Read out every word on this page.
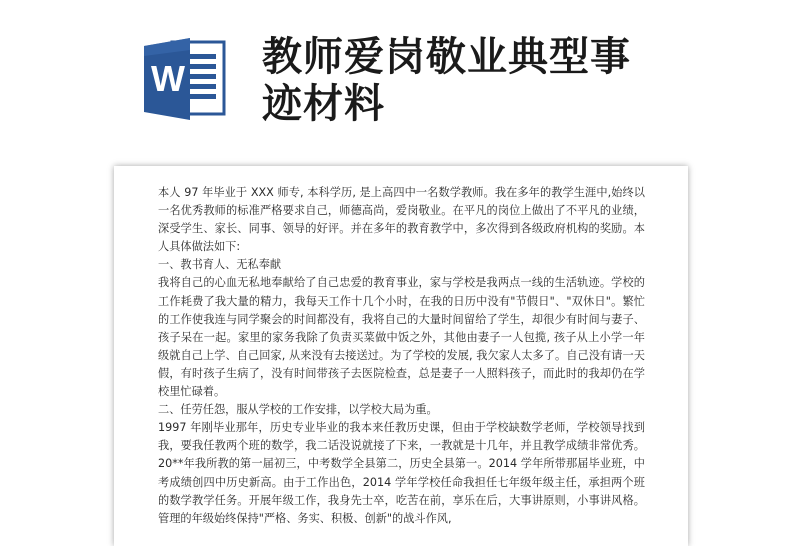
W 教师爱岗敬业典型事
迹材料

本人 97 年毕业于 XXX 师专, 本科学历, 是上高四中一名数学教师。我在多年的教学生涯中,始终以一名优秀教师的标准严格要求自己，师德高尚，爱岗敬业。在平凡的岗位上做出了不平凡的业绩，深受学生、家长、同事、领导的好评。并在多年的教育教学中，多次得到各级政府机构的奖励。本人具体做法如下:

一、教书育人、无私奉献

我将自己的心血无私地奉献给了自己忠爱的教育事业，家与学校是我两点一线的生活轨迹。学校的工作耗费了我大量的精力，我每天工作十几个小时，在我的日历中没有"节假日"、"双休日"。繁忙的工作使我连与同学聚会的时间都没有，我将自己的大量时间留给了学生，却很少有时间与妻子、孩子呆在一起。家里的家务我除了负责买菜做中饭之外，其他由妻子一人包揽, 孩子从上小学一年级就自己上学、自己回家, 从来没有去接送过。为了学校的发展, 我欠家人太多了。自己没有请一天假，有时孩子生病了，没有时间带孩子去医院检查，总是妻子一人照料孩子，而此时的我却仍在学校里忙碌着。

二、任劳任怨，服从学校的工作安排，以学校大局为重。

1997 年刚毕业那年，历史专业毕业的我本来任教历史课，但由于学校缺数学老师，学校领导找到我，要我任教两个班的数学，我二话没说就接了下来，一教就是十几年，并且教学成绩非常优秀。20**年我所教的第一届初三，中考数学全县第二，历史全县第一。2014 学年所带那届毕业班，中考成绩创四中历史新高。由于工作出色，2014 学年学校任命我担任七年级年级主任，承担两个班的数学教学任务。开展年级工作，我身先士卒，吃苦在前，享乐在后，大事讲原则，小事讲风格。管理的年级始终保持"严格、务实、积极、创新"的战斗作风,
